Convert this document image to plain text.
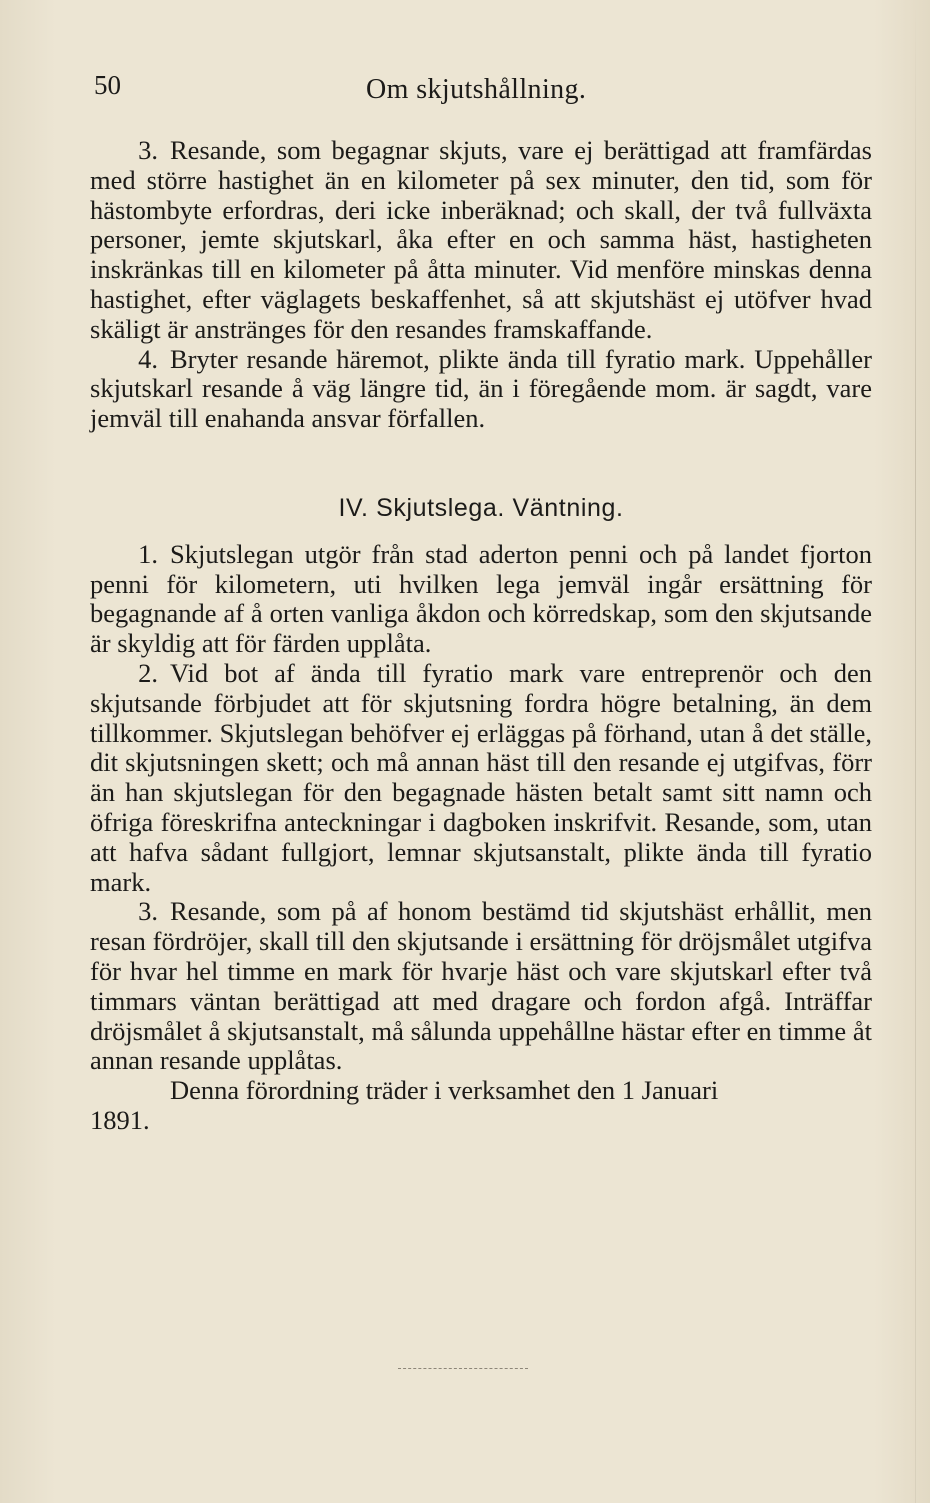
50	Om skjutshållning.

3. Resande, som begagnar skjuts, vare ej berättigad att framfärdas med större hastighet än en kilometer på sex minuter, den tid, som för hästombyte erfordras, deri icke inberäknad; och skall, der två fullväxta personer, jemte skjutskarl, åka efter en och samma häst, hastigheten inskränkas till en kilometer på åtta minuter. Vid menföre minskas denna hastighet, efter väglagets beskaffenhet, så att skjutshäst ej utöfver hvad skäligt är anstränges för den resandes framskaffande.

4. Bryter resande häremot, plikte ända till fyratio mark. Uppehåller skjutskarl resande å väg längre tid, än i föregående mom. är sagdt, vare jemväl till enahanda ansvar förfallen.

IV. Skjutslega. Väntning.

1. Skjutslegan utgör från stad aderton penni och på landet fjorton penni för kilometern, uti hvilken lega jemväl ingår ersättning för begagnande af å orten vanliga åkdon och körredskap, som den skjutsande är skyldig att för färden upplåta.

2. Vid bot af ända till fyratio mark vare entreprenör och den skjutsande förbjudet att för skjutsning fordra högre betalning, än dem tillkommer. Skjutslegan behöfver ej erläggas på förhand, utan å det ställe, dit skjutsningen skett; och må annan häst till den resande ej utgifvas, förr än han skjutslegan för den begagnade hästen betalt samt sitt namn och öfriga föreskrifna anteckningar i dagboken inskrifvit. Resande, som, utan att hafva sådant fullgjort, lemnar skjutsanstalt, plikte ända till fyratio mark.

3. Resande, som på af honom bestämd tid skjutshäst erhållit, men resan fördröjer, skall till den skjutsande i ersättning för dröjsmålet utgifva för hvar hel timme en mark för hvarje häst och vare skjutskarl efter två timmars väntan berättigad att med dragare och fordon afgå. Inträffar dröjsmålet å skjutsanstalt, må sålunda uppehållne hästar efter en timme åt annan resande upplåtas.

Denna förordning träder i verksamhet den 1 Januari
1891.
